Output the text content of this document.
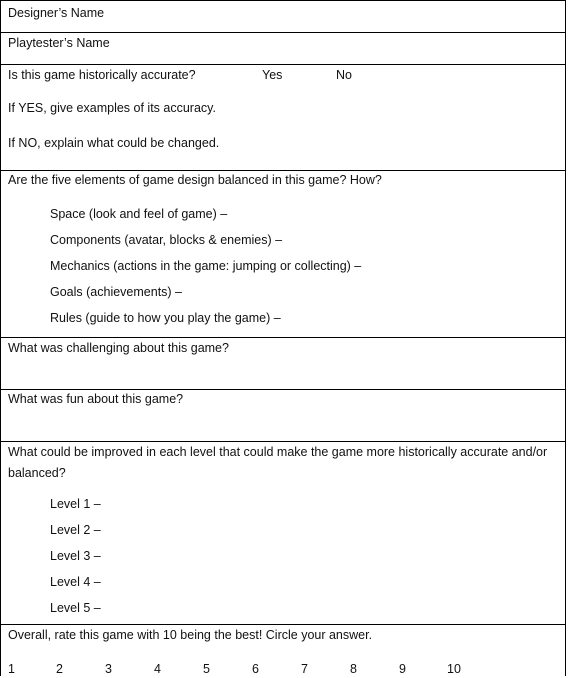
Designer’s Name
Playtester’s Name
Is this game historically accurate?	Yes	No
If YES, give examples of its accuracy.
If NO, explain what could be changed.
Are the five elements of game design balanced in this game? How?
Space (look and feel of game) –
Components (avatar, blocks & enemies) –
Mechanics (actions in the game: jumping or collecting) –
Goals (achievements) –
Rules (guide to how you play the game) –
What was challenging about this game?
What was fun about this game?
What could be improved in each level that could make the game more historically accurate and/or balanced?
Level 1 –
Level 2 –
Level 3 –
Level 4 –
Level 5 –
Overall, rate this game with 10 being the best! Circle your answer.
1	2	3	4	5	6	7	8	9	10
